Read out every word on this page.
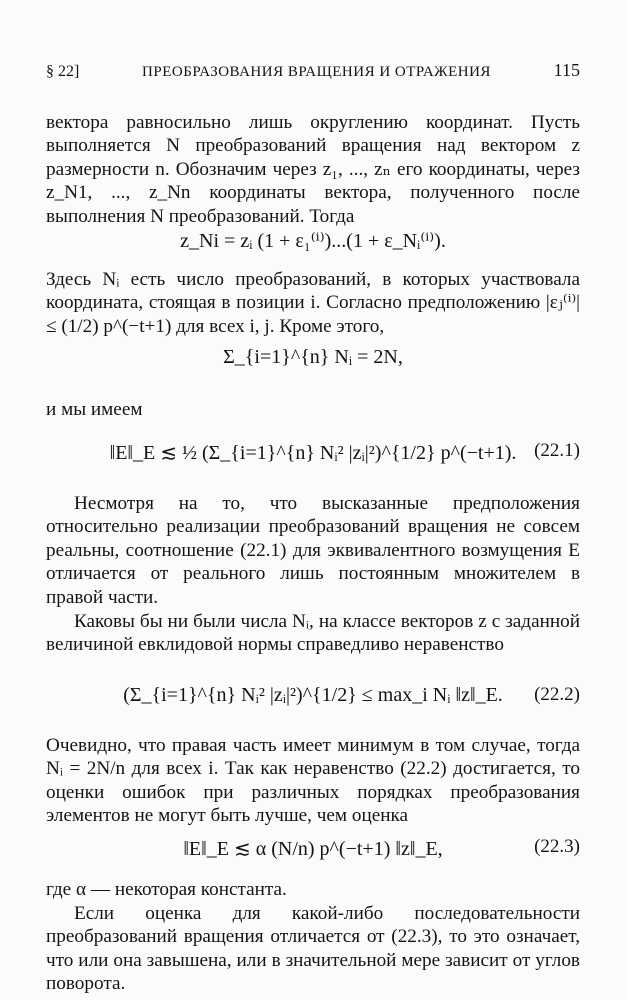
§ 22]	ПРЕОБРАЗОВАНИЯ ВРАЩЕНИЯ И ОТРАЖЕНИЯ	115

вектора равносильно лишь округлению координат. Пусть выполняется N преобразований вращения над вектором z размерности n. Обозначим через z₁, ..., zₙ его координаты, через z_N1, ..., z_Nn координаты вектора, полученного после выполнения N преобразований. Тогда

z_Ni = zᵢ (1 + ε₁⁽ⁱ⁾)...(1 + ε_Nᵢ⁽ⁱ⁾).

Здесь Nᵢ есть число преобразований, в которых участвовала координата, стоящая в позиции i. Согласно предположению |εⱼ⁽ⁱ⁾| ≤ (1/2) p^(−t+1) для всех i, j. Кроме этого,

Σ_{i=1}^{n} Nᵢ = 2N,

и мы имеем

‖E‖_E ≲ ½ (Σ_{i=1}^{n} Nᵢ² |zᵢ|²)^{1/2} p^(−t+1). (22.1)

Несмотря на то, что высказанные предположения относительно реализации преобразований вращения не совсем реальны, соотношение (22.1) для эквивалентного возмущения E отличается от реального лишь постоянным множителем в правой части.

Каковы бы ни были числа Nᵢ, на классе векторов z с заданной величиной евклидовой нормы справедливо неравенство

(Σ_{i=1}^{n} Nᵢ² |zᵢ|²)^{1/2} ≤ max_i Nᵢ ‖z‖_E. (22.2)

Очевидно, что правая часть имеет минимум в том случае, тогда Nᵢ = 2N/n для всех i. Так как неравенство (22.2) достигается, то оценки ошибок при различных порядках преобразования элементов не могут быть лучше, чем оценка

‖E‖_E ≲ α (N/n) p^(−t+1) ‖z‖_E,	(22.3)

где α — некоторая константа.

Если оценка для какой-либо последовательности преобразований вращения отличается от (22.3), то это означает, что или она завышена, или в значительной мере зависит от углов поворота.
